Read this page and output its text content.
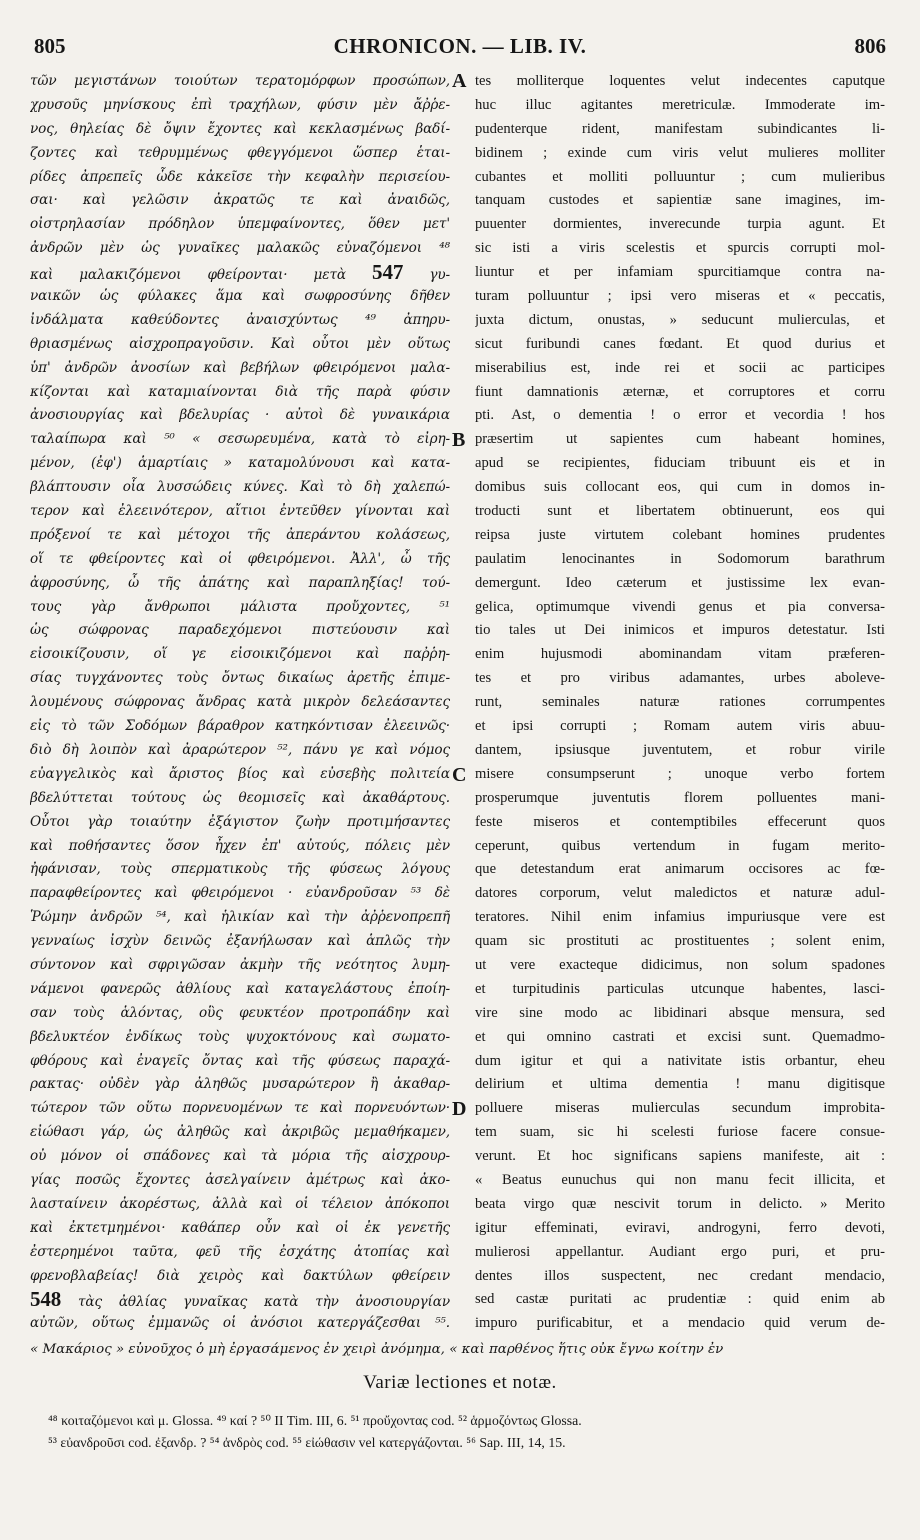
805	CHRONICON. — LIB. IV.	806
τῶν μεγιστάνων τοιούτων τερατομόρφων προσώπων,
χρυσοῦς μηνίσκους ἐπὶ τραχήλων, φύσιν μὲν ἄῤῥε-
νος, θηλείας δὲ ὄψιν ἔχοντες καὶ κεκλασμένως βαδί-
ζοντες καὶ τεθρυμμένως φθεγγόμενοι ὥσπερ ἑται-
ρίδες ἀπρεπεῖς ὧδε κἀκεῖσε τὴν κεφαλὴν περισείου-
σαι· καὶ γελῶσιν ἀκρατῶς τε καὶ ἀναιδῶς,
οἰστρηλασίαν πρόδηλον ὑπεμφαίνοντες, ὅθεν μετ'
ἀνδρῶν μὲν ὡς γυναῖκες μαλακῶς εὐναζόμενοι ⁴⁸
καὶ μαλακιζόμενοι φθείρονται· μετὰ 547 γυ-
ναικῶν ὡς φύλακες ἅμα καὶ σωφροσύνης δῆθεν
ἰνδάλματα καθεύδοντες ἀναισχύντως ⁴⁹ ἀπηρυ-
θριασμένως αἰσχροπραγοῦσιν. Καὶ οὗτοι μὲν οὕτως
ὑπ' ἀνδρῶν ἀνοσίων καὶ βεβήλων φθειρόμενοι μαλα-
κίζονται καὶ καταμιαίνονται διὰ τῆς παρὰ φύσιν
ἀνοσιουργίας καὶ βδελυρίας · αὐτοὶ δὲ γυναικάρια
ταλαίπωρα καὶ ⁵⁰ « σεσωρευμένα, κατὰ τὸ εἰρη-
μένον, (ἐφ') ἁμαρτίαις » καταμολύνουσι καὶ κατα-
βλάπτουσιν οἷα λυσσώδεις κύνες. Καὶ τὸ δὴ χαλεπώ-
τερον καὶ ἐλεεινότερον, αἴτιοι ἐντεῦθεν γίνονται καὶ
πρόξενοί τε καὶ μέτοχοι τῆς ἀπεράντου κολάσεως,
οἵ τε φθείροντες καὶ οἱ φθειρόμενοι. Ἀλλ', ὦ τῆς
ἀφροσύνης, ὦ τῆς ἀπάτης καὶ παραπληξίας! τού-
τους γὰρ ἄνθρωποι μάλιστα προὔχοντες, ⁵¹
ὡς σώφρονας παραδεχόμενοι πιστεύουσιν καὶ
εἰσοικίζουσιν, οἵ γε εἰσοικιζόμενοι καὶ παῤῥη-
σίας τυγχάνοντες τοὺς ὄντως δικαίως ἀρετῆς ἐπιμε-
λουμένους σώφρονας ἄνδρας κατὰ μικρὸν δελεάσαντες
εἰς τὸ τῶν Σοδόμων βάραθρον κατηκόντισαν ἐλεεινῶς·
διὸ δὴ λοιπὸν καὶ ἀραρώτερον ⁵², πάνυ γε καὶ νόμος
εὐαγγελικὸς καὶ ἄριστος βίος καὶ εὐσεβὴς πολιτεία
βδελύττεται τούτους ὡς θεομισεῖς καὶ ἀκαθάρτους.
Οὗτοι γὰρ τοιαύτην ἐξάγιστον ζωὴν προτιμήσαντες
καὶ ποθήσαντες ὅσον ἦχεν ἐπ' αὐτούς, πόλεις μὲν
ἠφάνισαν, τοὺς σπερματικοὺς τῆς φύσεως λόγους
παραφθείροντες καὶ φθειρόμενοι · εὐανδροῦσαν ⁵³ δὲ
Ῥώμην ἀνδρῶν ⁵⁴, καὶ ἡλικίαν καὶ τὴν ἀῤῥενοπρεπῆ
γενναίως ἰσχὺν δεινῶς ἐξανήλωσαν καὶ ἁπλῶς τὴν
σύντονον καὶ σφριγῶσαν ἀκμὴν τῆς νεότητος λυμη-
νάμενοι φανερῶς ἀθλίους καὶ καταγελάστους ἐποίη-
σαν τοὺς ἁλόντας, οὓς φευκτέον προτροπάδην καὶ
βδελυκτέον ἐνδίκως τοὺς ψυχοκτόνους καὶ σωματο-
φθόρους καὶ ἐναγεῖς ὄντας καὶ τῆς φύσεως παραχά-
ρακτας· οὐδὲν γὰρ ἀληθῶς μυσαρώτερον ἢ ἀκαθαρ-
τώτερον τῶν οὕτω πορνευομένων τε καὶ πορνευόντων·
εἰώθασι γάρ, ὡς ἀληθῶς καὶ ἀκριβῶς μεμαθήκαμεν,
οὐ μόνον οἱ σπάδονες καὶ τὰ μόρια τῆς αἰσχρουρ-
γίας ποσῶς ἔχοντες ἀσελγαίνειν ἀμέτρως καὶ ἀκο-
λασταίνειν ἀκορέστως, ἀλλὰ καὶ οἱ τέλειον ἀπόκοποι
καὶ ἐκτετμημένοι· καθάπερ οὖν καὶ οἱ ἐκ γενετῆς
ἐστερημένοι ταῦτα, φεῦ τῆς ἐσχάτης ἀτοπίας καὶ
φρενοβλαβείας! διὰ χειρὸς καὶ δακτύλων φθείρειν
548 τὰς ἀθλίας γυναῖκας κατὰ τὴν ἀνοσιουργίαν
αὐτῶν, οὕτως ἐμμανῶς οἱ ἀνόσιοι κατεργάζεσθαι ⁵⁵.
tes molliterque loquentes velut indecentes caputque
huc illuc agitantes meretriculæ. Immoderate im-
pudenterque rident, manifestam subindicantes li-
bidinem ; exinde cum viris velut mulieres molliter
cubantes et molliti polluuntur ; cum mulieribus
tanquam custodes et sapientiæ sane imagines, im-
puuenter dormientes, inverecunde turpia agunt. Et
sic isti a viris scelestis et spurcis corrupti mol-
liuntur et per infamiam spurcitiamque contra na-
turam polluuntur ; ipsi vero miseras et « peccatis,
juxta dictum, onustas, » seducunt mulierculas, et
sicut furibundi canes fœdant. Et quod durius et
miserabilius est, inde rei et socii ac participes
fiunt damnationis æternæ, et corruptores et corru
pti. Ast, o dementia ! o error et vecordia ! hos
præsertim ut sapientes cum habeant homines,
apud se recipientes, fiduciam tribuunt eis et in
domibus suis collocant eos, qui cum in domos in-
troducti sunt et libertatem obtinuerunt, eos qui
reipsa juste virtutem colebant homines prudentes
paulatim lenocinantes in Sodomorum barathrum
demergunt. Ideo cæterum et justissime lex evan-
gelica, optimumque vivendi genus et pia conversa-
tio tales ut Dei inimicos et impuros detestatur. Isti
enim hujusmodi abominandam vitam præferen-
tes et pro viribus adamantes, urbes aboleve-
runt, seminales naturæ rationes corrumpentes
et ipsi corrupti ; Romam autem viris abuu-
dantem, ipsiusque juventutem, et robur virile
misere consumpserunt ; unoque verbo fortem
prosperumque juventutis florem polluentes mani-
feste miseros et contemptibiles effecerunt quos
ceperunt, quibus vertendum in fugam merito-
que detestandum erat animarum occisores ac fœ-
datores corporum, velut maledictos et naturæ adul-
teratores. Nihil enim infamius impuriusque vere est
quam sic prostituti ac prostituentes ; solent enim,
ut vere exacteque didicimus, non solum spadones
et turpitudinis particulas utcunque habentes, lasci-
vire sine modo ac libidinari absque mensura, sed
et qui omnino castrati et excisi sunt. Quemadmo-
dum igitur et qui a nativitate istis orbantur, eheu
delirium et ultima dementia ! manu digitisque
polluere miseras mulierculas secundum improbita-
tem suam, sic hi scelesti furiose facere consue-
verunt. Et hoc significans sapiens manifeste, ait :
« Beatus eunuchus qui non manu fecit illicita, et
beata virgo quæ nescivit torum in delicto. » Merito
igitur effeminati, eviravi, androgyni, ferro devoti,
mulierosi appellantur. Audiant ergo puri, et pru-
dentes illos suspectent, nec credant mendacio,
sed castæ puritati ac prudentiæ : quid enim ab
impuro purificabitur, et a mendacio quid verum de-
A
B
C
D
« Μακάριος » εὐνοῦχος ὁ μὴ ἐργασάμενος ἐν χειρὶ ἀνόμημα, « καὶ παρθένος ἥτις οὐκ ἔγνω κοίτην ἐν
Variæ lectiones et notæ.
⁴⁸ κοιταζόμενοι καὶ μ. Glossa. ⁴⁹ καί ? ⁵⁰ II Tim. III, 6. ⁵¹ προὔχοντας cod. ⁵² ἁρμοζόντως Glossa.
⁵³ εὐανδροῦσι cod. ἐξανδρ. ? ⁵⁴ ἀνδρὸς cod. ⁵⁵ εἰώθασιν vel κατεργάζονται. ⁵⁶ Sap. III, 14, 15.
